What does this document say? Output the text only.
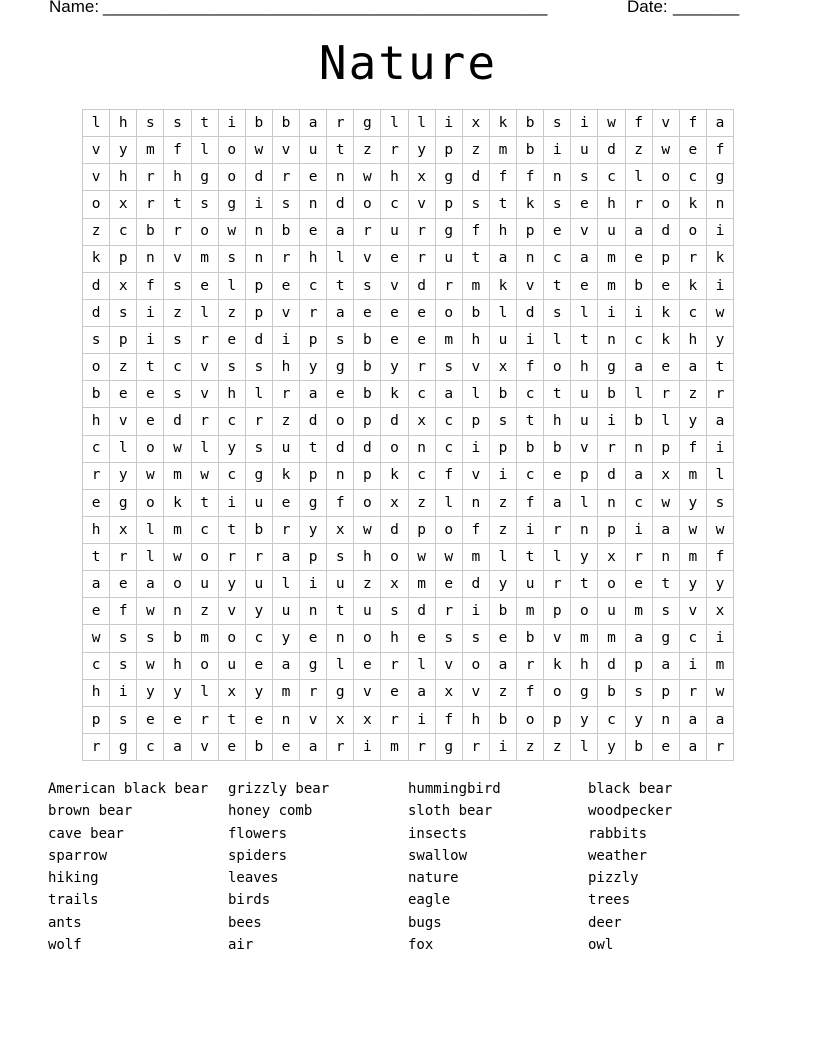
Name: _______________________________________________	Date: _______
Nature
l	h	s	s	t	i	b	b	a	r	g	l	l	i	x	k	b	s	i	w	f	v	f	a
v	y	m	f	l	o	w	v	u	t	z	r	y	p	z	m	b	i	u	d	z	w	e	f
v	h	r	h	g	o	d	r	e	n	w	h	x	g	d	f	f	n	s	c	l	o	c	g
o	x	r	t	s	g	i	s	n	d	o	c	v	p	s	t	k	s	e	h	r	o	k	n
z	c	b	r	o	w	n	b	e	a	r	u	r	g	f	h	p	e	v	u	a	d	o	i
k	p	n	v	m	s	n	r	h	l	v	e	r	u	t	a	n	c	a	m	e	p	r	k
d	x	f	s	e	l	p	e	c	t	s	v	d	r	m	k	v	t	e	m	b	e	k	i
d	s	i	z	l	z	p	v	r	a	e	e	e	o	b	l	d	s	l	i	i	k	c	w
s	p	i	s	r	e	d	i	p	s	b	e	e	m	h	u	i	l	t	n	c	k	h	y
o	z	t	c	v	s	s	h	y	g	b	y	r	s	v	x	f	o	h	g	a	e	a	t
b	e	e	s	v	h	l	r	a	e	b	k	c	a	l	b	c	t	u	b	l	r	z	r
h	v	e	d	r	c	r	z	d	o	p	d	x	c	p	s	t	h	u	i	b	l	y	a
c	l	o	w	l	y	s	u	t	d	d	o	n	c	i	p	b	b	v	r	n	p	f	i
r	y	w	m	w	c	g	k	p	n	p	k	c	f	v	i	c	e	p	d	a	x	m	l
e	g	o	k	t	i	u	e	g	f	o	x	z	l	n	z	f	a	l	n	c	w	y	s
h	x	l	m	c	t	b	r	y	x	w	d	p	o	f	z	i	r	n	p	i	a	w	w
t	r	l	w	o	r	r	a	p	s	h	o	w	w	m	l	t	l	y	x	r	n	m	f
a	e	a	o	u	y	u	l	i	u	z	x	m	e	d	y	u	r	t	o	e	t	y	y
e	f	w	n	z	v	y	u	n	t	u	s	d	r	i	b	m	p	o	u	m	s	v	x
w	s	s	b	m	o	c	y	e	n	o	h	e	s	s	e	b	v	m	m	a	g	c	i
c	s	w	h	o	u	e	a	g	l	e	r	l	v	o	a	r	k	h	d	p	a	i	m
h	i	y	y	l	x	y	m	r	g	v	e	a	x	v	z	f	o	g	b	s	p	r	w
p	s	e	e	r	t	e	n	v	x	x	r	i	f	h	b	o	p	y	c	y	n	a	a
r	g	c	a	v	e	b	e	a	r	i	m	r	g	r	i	z	z	l	y	b	e	a	r
American black bear	grizzly bear	hummingbird	black bear
brown bear	honey comb	sloth bear	woodpecker
cave bear	flowers	insects	rabbits
sparrow	spiders	swallow	weather
hiking	leaves	nature	pizzly
trails	birds	eagle	trees
ants	bees	bugs	deer
wolf	air	fox	owl
